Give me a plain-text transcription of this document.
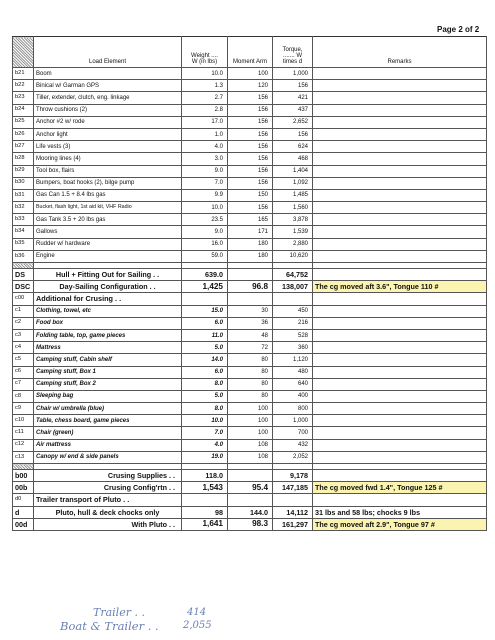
Page 2 of 2
	Load Element	Weight ....
W (in lbs)	Moment Arm	Torque,
....... W
times d	Remarks
b21	Boom	10.0	100	1,000	
b22	Binical w/ Garman GPS	1.3	120	156	
b23	Tiller, extender, clutch, eng. linkage	2.7	156	421	
b24	Throw cushions (2)	2.8	156	437	
b25	Anchor #2 w/ rode	17.0	156	2,652	
b26	Anchor light	1.0	156	156	
b27	Life vests (3)	4.0	156	624	
b28	Mooring lines (4)	3.0	156	468	
b29	Tool box, flairs	9.0	156	1,404	
b30	Bumpers, boat hooks (2), bilge pump	7.0	156	1,092	
b31	Gas Can 1.5 + 8.4 lbs gas	9.9	150	1,485	
b32	Bucket, flash light, 1st aid kit, VHF Radio	10.0	156	1,560	
b33	Gas Tank 3.5 + 20 lbs gas	23.5	165	3,878	
b34	Gallows	9.0	171	1,539	
b35	Rudder w/ hardware	16.0	180	2,880	
b36	Engine	59.0	180	10,620	

DS	Hull + Fitting Out for Sailing . .	639.0		64,752	
DSC	Day-Sailing Configuration . .	1,425	96.8	138,007	The cg moved aft 3.6", Tongue 110 #
c00	Additional for Crusing . .				
c1	Clothing, towel, etc	15.0	30	450	
c2	Food box	6.0	36	216	
c3	Folding table, top, game pieces	11.0	48	528	
c4	Mattress	5.0	72	360	
c5	Camping stuff, Cabin shelf	14.0	80	1,120	
c6	Camping stuff, Box 1	6.0	80	480	
c7	Camping stuff, Box 2	8.0	80	640	
c8	Sleeping bag	5.0	80	400	
c9	Chair w/ umbrella (blue)	8.0	100	800	
c10	Table, chess board, game pieces	10.0	100	1,000	
c11	Chair (green)	7.0	100	700	
c12	Air mattress	4.0	108	432	
c13	Canopy w/ end & side panels	19.0	108	2,052	

b00	Crusing Supplies . .	118.0		9,178	
00b	Crusing Config'rtn . .	1,543	95.4	147,185	The cg moved fwd 1.4", Tongue 125 #
d0	Trailer transport of Pluto . .				
d	Pluto, hull & deck chocks only	98	144.0	14,112	31 lbs and 58 lbs; chocks 9 lbs
00d	With Pluto . .	1,641	98.3	161,297	The cg moved aft 2.9", Tongue 97 #
Trailer . .	414
Boat & Trailer . . 2,055
